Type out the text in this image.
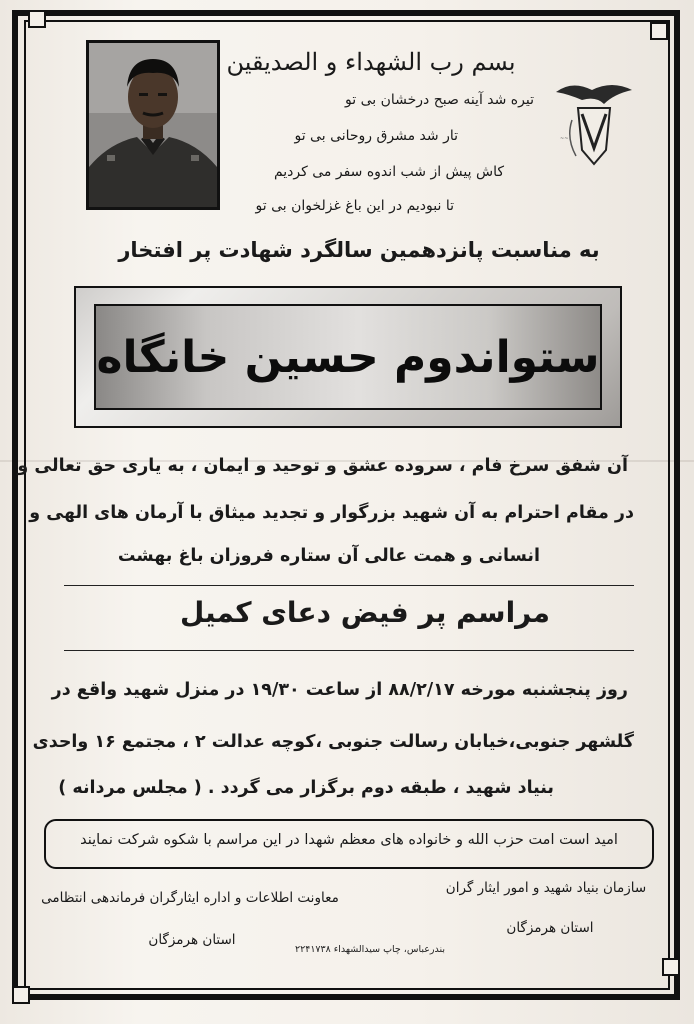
~~
بسم رب الشهداء و الصدیقین
تیره شد آینه صبح درخشان بی تو
تار شد مشرق روحانی بی تو
کاش پیش از شب اندوه سفر می کردیم
تا نبودیم در این باغ غزلخوان بی تو
به مناسبت پانزدهمین سالگرد شهادت پر افتخار
ستواندوم حسین خانگاه
آن شفق سرخ فام ، سروده عشق و توحید و ایمان ، به یاری حق تعالی و
در مقام احترام به آن شهید بزرگوار و تجدید میثاق با آرمان های الهی و
انسانی و همت عالی آن ستاره فروزان باغ بهشت
مراسم پر فیض دعای کمیل
روز پنجشنبه مورخه ۸۸/۲/۱۷ از ساعت ۱۹/۳۰ در منزل شهید واقع در
گلشهر جنوبی،خیابان رسالت جنوبی ،کوچه عدالت ۲ ، مجتمع ۱۶ واحدی
بنیاد شهید ، طبقه دوم برگزار می گردد . ( مجلس مردانه )
امید است امت حزب الله و خانواده های معظم شهدا در این مراسم با شکوه شرکت نمایند
سازمان بنیاد شهید و امور ایثار گران
استان هرمزگان
معاونت اطلاعات و اداره ایثارگران فرماندهی انتظامی
استان هرمزگان
بندرعباس، چاپ سیدالشهداء ۲۲۴۱۷۳۸
